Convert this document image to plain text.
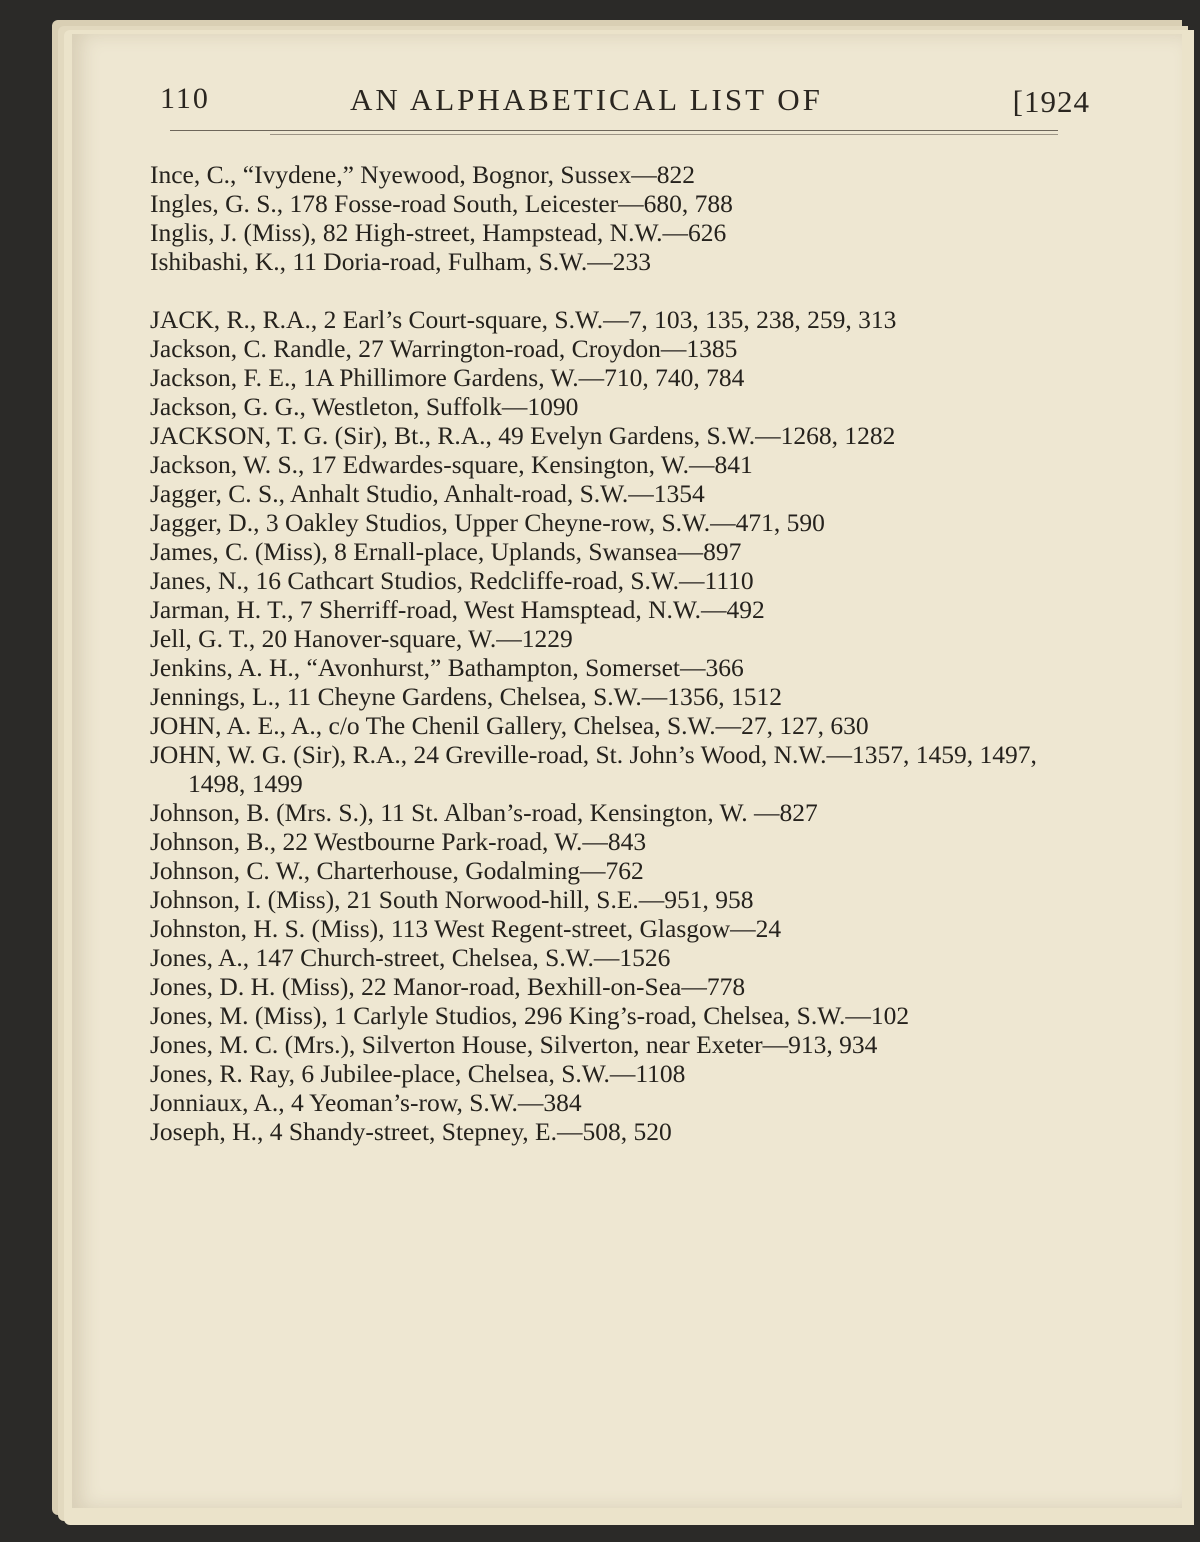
110	AN ALPHABETICAL LIST OF	[1924

Ince, C., “Ivydene,” Nyewood, Bognor, Sussex—822

Ingles, G. S., 178 Fosse-road South, Leicester—680, 788

Inglis, J. (Miss), 82 High-street, Hampstead, N.W.—626

Ishibashi, K., 11 Doria-road, Fulham, S.W.—233

JACK, R., R.A., 2 Earl’s Court-square, S.W.—7, 103, 135, 238, 259, 313

Jackson, C. Randle, 27 Warrington-road, Croydon—1385

Jackson, F. E., 1A Phillimore Gardens, W.—710, 740, 784

Jackson, G. G., Westleton, Suffolk—1090

JACKSON, T. G. (Sir), Bt., R.A., 49 Evelyn Gardens, S.W.—1268, 1282

Jackson, W. S., 17 Edwardes-square, Kensington, W.—841

Jagger, C. S., Anhalt Studio, Anhalt-road, S.W.—1354

Jagger, D., 3 Oakley Studios, Upper Cheyne-row, S.W.—471, 590

James, C. (Miss), 8 Ernall-place, Uplands, Swansea—897

Janes, N., 16 Cathcart Studios, Redcliffe-road, S.W.—1110

Jarman, H. T., 7 Sherriff-road, West Hamsptead, N.W.—492

Jell, G. T., 20 Hanover-square, W.—1229

Jenkins, A. H., “Avonhurst,” Bathampton, Somerset—366

Jennings, L., 11 Cheyne Gardens, Chelsea, S.W.—1356, 1512

JOHN, A. E., A., c/o The Chenil Gallery, Chelsea, S.W.—27, 127, 630

JOHN, W. G. (Sir), R.A., 24 Greville-road, St. John’s Wood, N.W.—1357, 1459, 1497, 1498, 1499

Johnson, B. (Mrs. S.), 11 St. Alban’s-road, Kensington, W. —827

Johnson, B., 22 Westbourne Park-road, W.—843

Johnson, C. W., Charterhouse, Godalming—762

Johnson, I. (Miss), 21 South Norwood-hill, S.E.—951, 958

Johnston, H. S. (Miss), 113 West Regent-street, Glasgow—24

Jones, A., 147 Church-street, Chelsea, S.W.—1526

Jones, D. H. (Miss), 22 Manor-road, Bexhill-on-Sea—778

Jones, M. (Miss), 1 Carlyle Studios, 296 King’s-road, Chelsea, S.W.—102

Jones, M. C. (Mrs.), Silverton House, Silverton, near Exeter—913, 934

Jones, R. Ray, 6 Jubilee-place, Chelsea, S.W.—1108

Jonniaux, A., 4 Yeoman’s-row, S.W.—384

Joseph, H., 4 Shandy-street, Stepney, E.—508, 520
